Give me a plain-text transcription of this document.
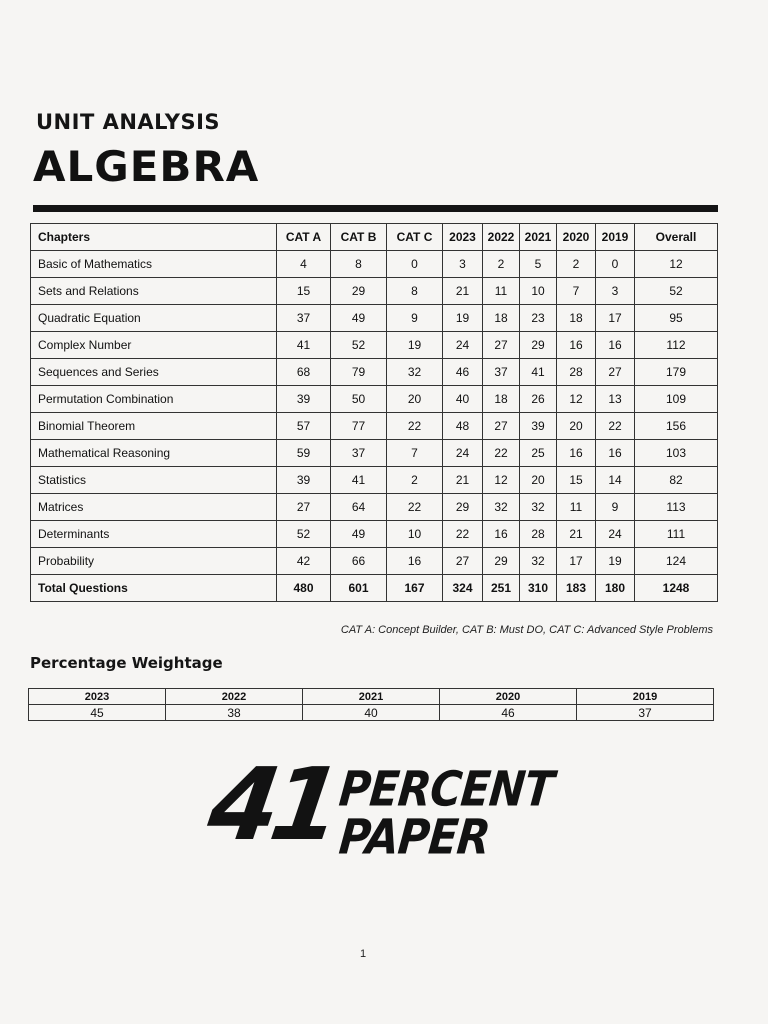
UNIT ANALYSIS
ALGEBRA
Chapters	CAT A	CAT B	CAT C	2023	2022	2021	2020	2019	Overall
Basic of Mathematics	4	8	0	3	2	5	2	0	12
Sets and Relations	15	29	8	21	11	10	7	3	52
Quadratic Equation	37	49	9	19	18	23	18	17	95
Complex Number	41	52	19	24	27	29	16	16	112
Sequences and Series	68	79	32	46	37	41	28	27	179
Permutation Combination	39	50	20	40	18	26	12	13	109
Binomial Theorem	57	77	22	48	27	39	20	22	156
Mathematical Reasoning	59	37	7	24	22	25	16	16	103
Statistics	39	41	2	21	12	20	15	14	82
Matrices	27	64	22	29	32	32	11	9	113
Determinants	52	49	10	22	16	28	21	24	111
Probability	42	66	16	27	29	32	17	19	124
Total Questions	480	601	167	324	251	310	183	180	1248
CAT A: Concept Builder, CAT B: Must DO, CAT C: Advanced Style Problems
Percentage Weightage
2023	2022	2021	2020	2019
45	38	40	46	37
41
PERCENT
PAPER
1
